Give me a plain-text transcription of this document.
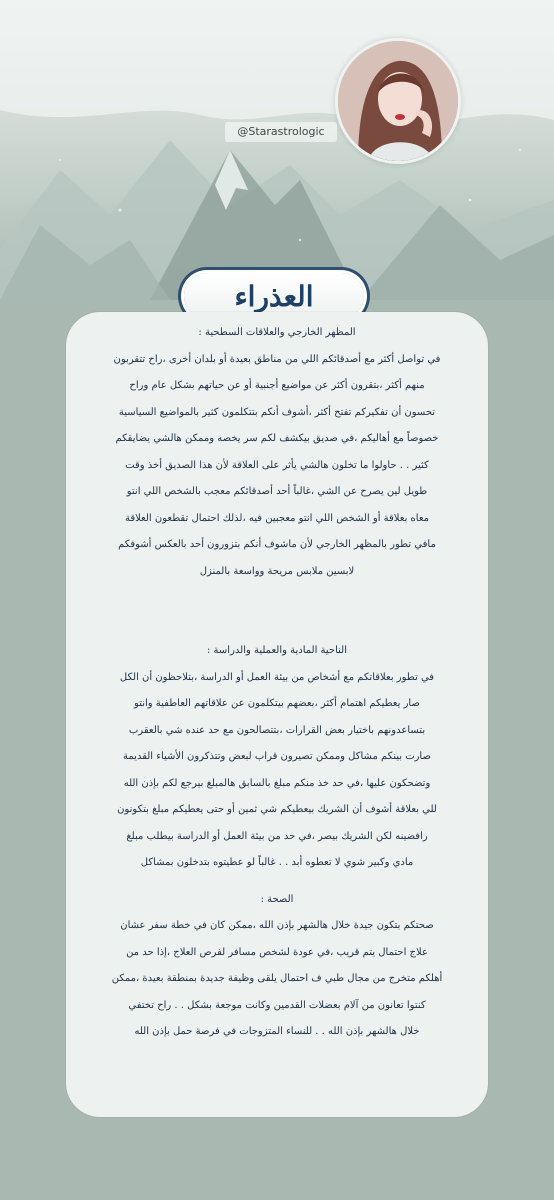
@Starastrologic
العذراء
المظهر الخارجي والعلاقات السطحية :
في تواصل أكثر مع أصدقائكم اللي من مناطق بعيدة أو بلدان أخرى ،راح تتقربون
منهم أكثر ،بتقرون أكثر عن مواضيع أجنبية أو عن حياتهم بشكل عام وراح
تحسون أن تفكيركم تفتح أكثر ،أشوف أنكم بتتكلمون كثير بالمواضيع السياسية
خصوصاً مع أهاليكم ،في صديق بيكشف لكم سر يخصه وممكن هالشي يضايقكم
كثير . . حاولوا ما تخلون هالشي يأثر على العلاقة لأن هذا الصديق أخذ وقت
طويل لين يصرح عن الشي ،غالباً أحد أصدقائكم معجب بالشخص اللي انتو
معاه بعلاقة أو الشخص اللي انتو معجبين فيه ،لذلك احتمال تقطعون العلاقة
مافي تطور بالمظهر الخارجي لأن ماشوف أنكم بتزورون أحد بالعكس أشوفكم
لابسين ملابس مريحة وواسعة بالمنزل
الناحية المادية والعملية والدراسة :
في تطور بعلاقاتكم مع أشخاص من بيئة العمل أو الدراسة ،بتلاحظون أن الكل
صار يعطيكم اهتمام أكثر ،بعضهم بيتكلمون عن علاقاتهم العاطفية وانتو
بتساعدونهم باختيار بعض القرارات ،بتتصالحون مع حد عنده شي بالعقرب
صارت بينكم مشاكل وممكن تصيرون قراب لبعض وتتذكرون الأشياء القديمة
وتضحكون عليها ،في حد خذ منكم مبلغ بالسابق هالمبلغ بيرجع لكم بإذن الله
للي بعلاقة أشوف أن الشريك بيعطيكم شي ثمين أو حتى يعطيكم مبلغ بتكونون
رافضينه لكن الشريك بيصر ،في حد من بيئة العمل أو الدراسة بيطلب مبلغ
مادي وكبير شوي لا تعطوه أبد . . غالباً لو عطيتوه بتدخلون بمشاكل
الصحة :
صحتكم بتكون جيدة خلال هالشهر بإذن الله ،ممكن كان في خطة سفر عشان
علاج احتمال يتم قريب ،في عودة لشخص مسافر لفرص العلاج ،إذا حد من
أهلكم متخرج من مجال طبي ف احتمال يلقى وظيفة جديدة بمنطقة بعيدة ،ممكن
كنتوا تعانون من آلام بعضلات القدمين وكانت موجعة بشكل . . راح تختفي
خلال هالشهر بإذن الله . . للنساء المتزوجات في فرصة حمل بإذن الله
